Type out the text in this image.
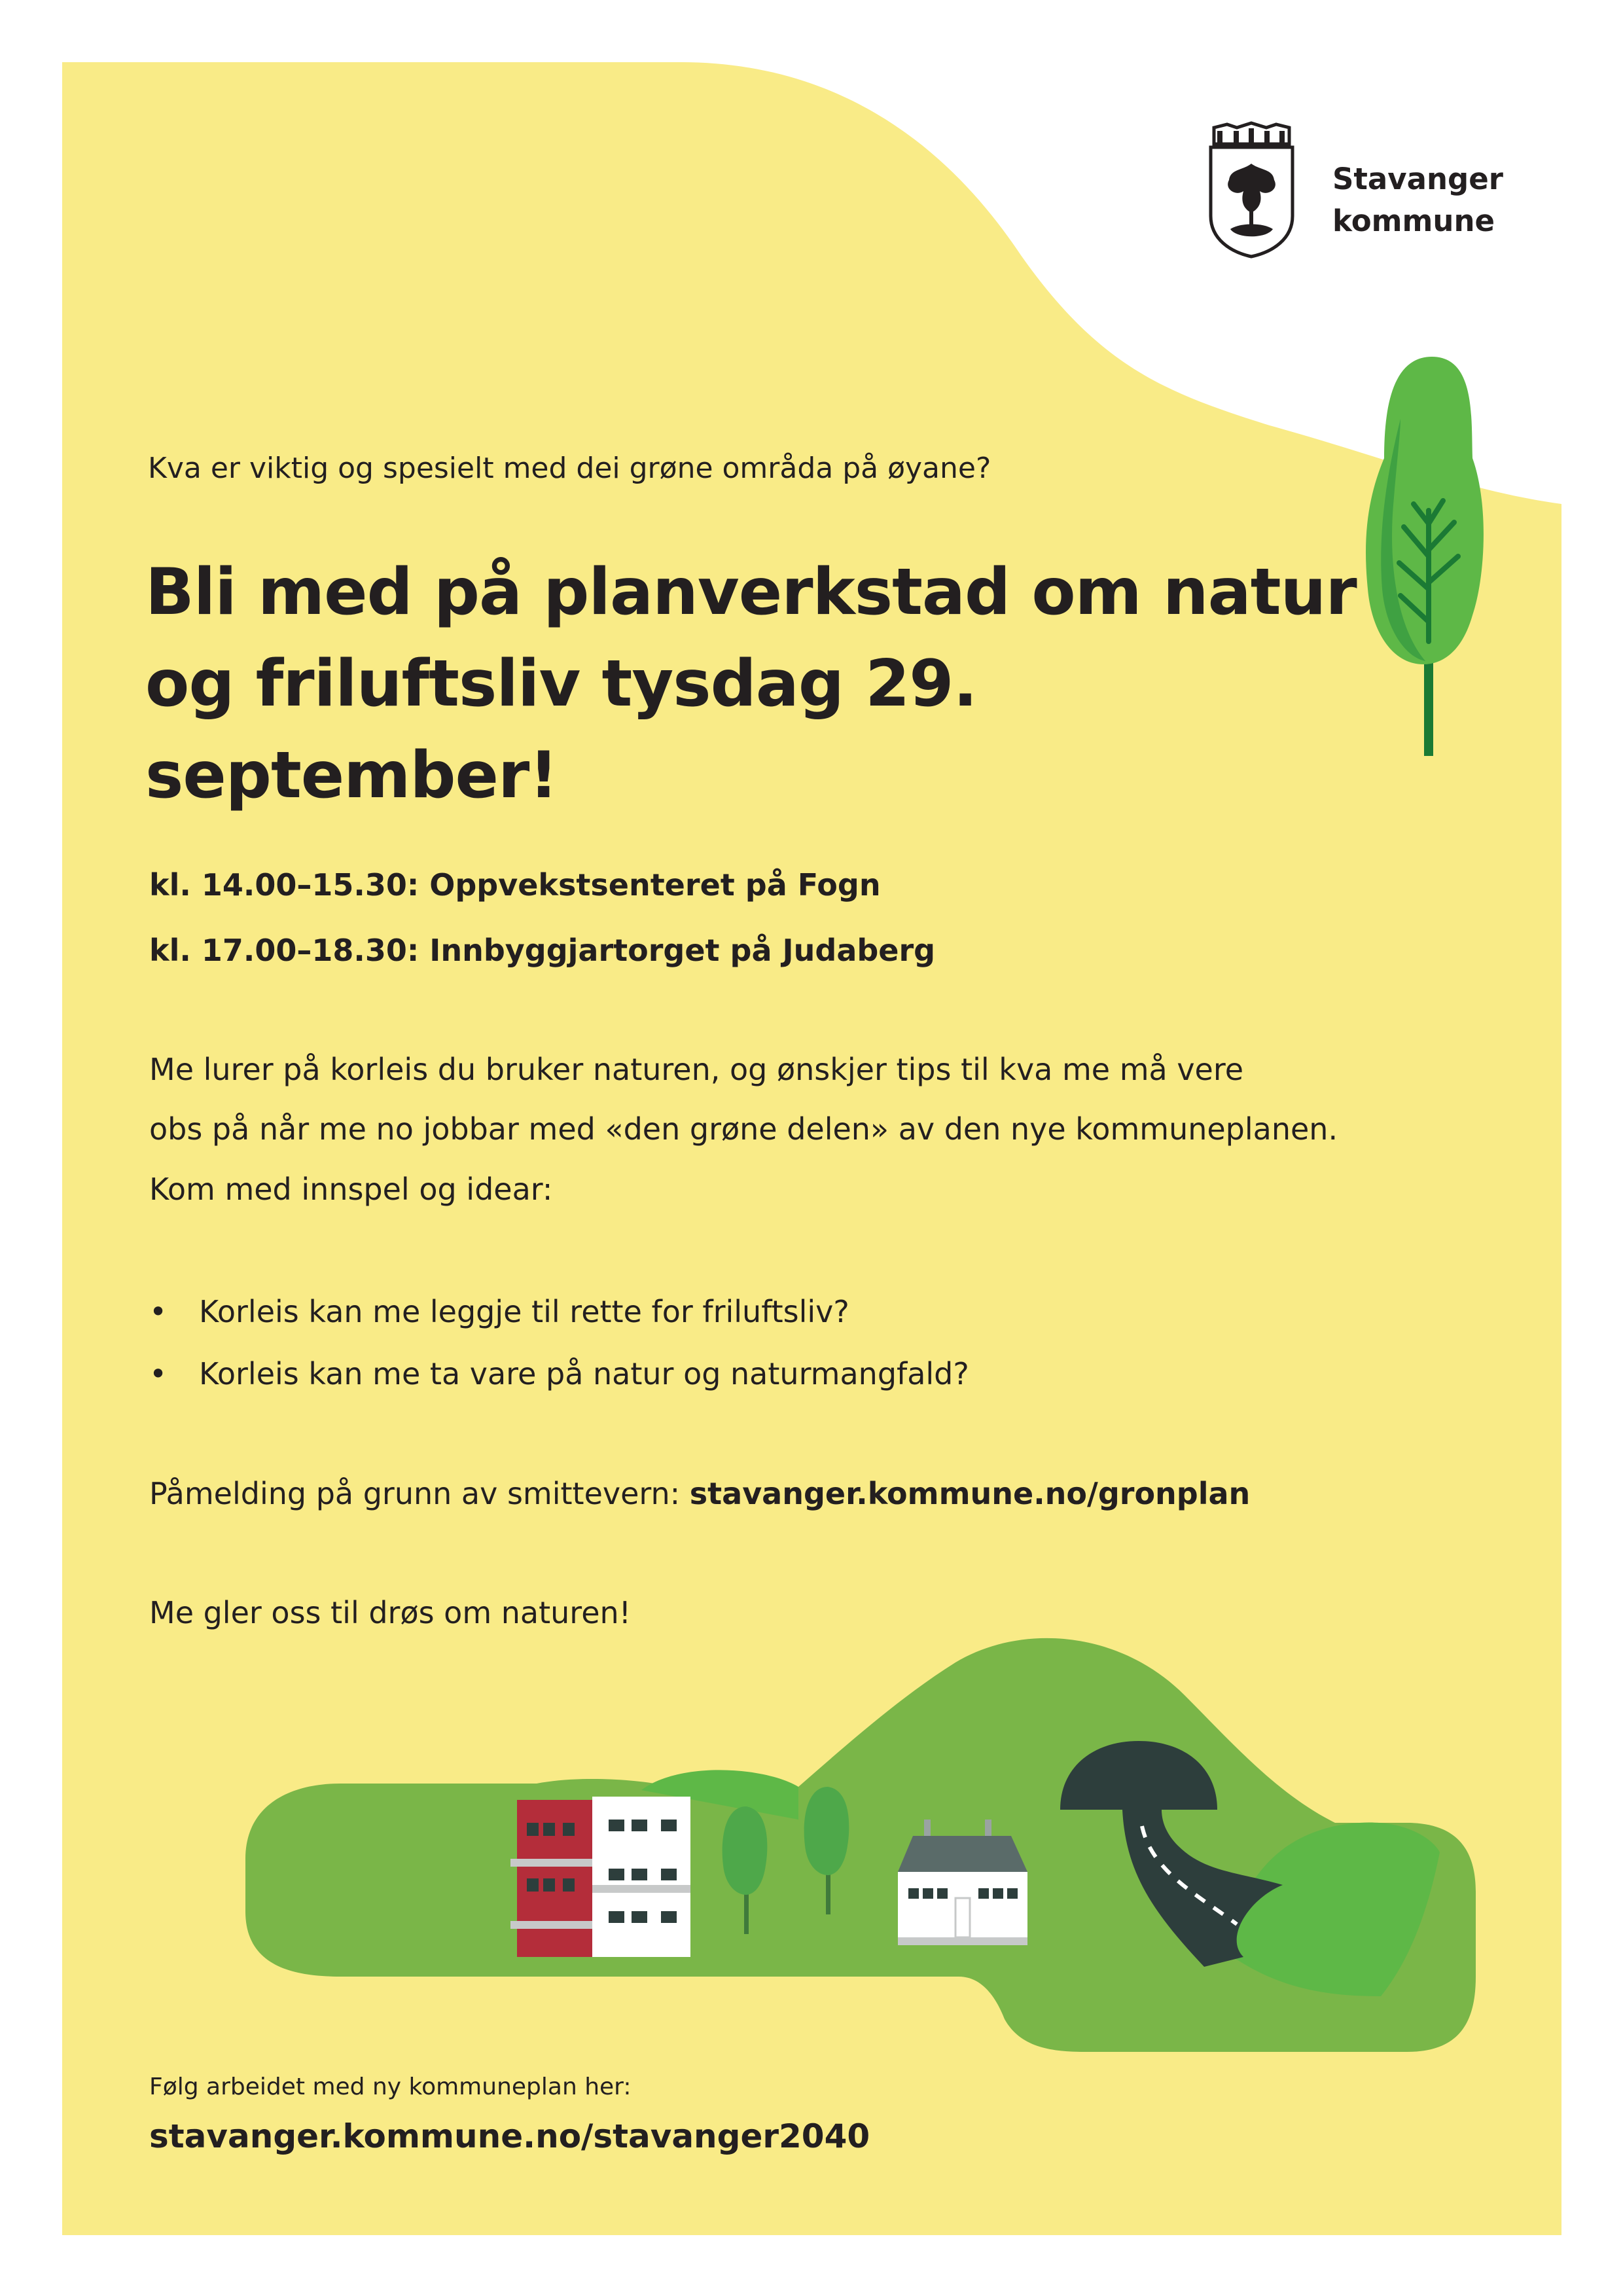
Stavanger
kommune
Kva er viktig og spesielt med dei grøne områda på øyane?
Bli med på planverkstad om natur
og friluftsliv tysdag 29. september!
kl. 14.00–15.30: Oppvekstsenteret på Fogn
kl. 17.00–18.30: Innbyggjartorget på Judaberg
Me lurer på korleis du bruker naturen, og ønskjer tips til kva me må vere
obs på når me no jobbar med «den grøne delen» av den nye kommuneplanen.
Kom med innspel og idear:
• Korleis kan me leggje til rette for friluftsliv?
• Korleis kan me ta vare på natur og naturmangfald?
Påmelding på grunn av smittevern: stavanger.kommune.no/gronplan
Me gler oss til drøs om naturen!
Følg arbeidet med ny kommuneplan her:
stavanger.kommune.no/stavanger2040
